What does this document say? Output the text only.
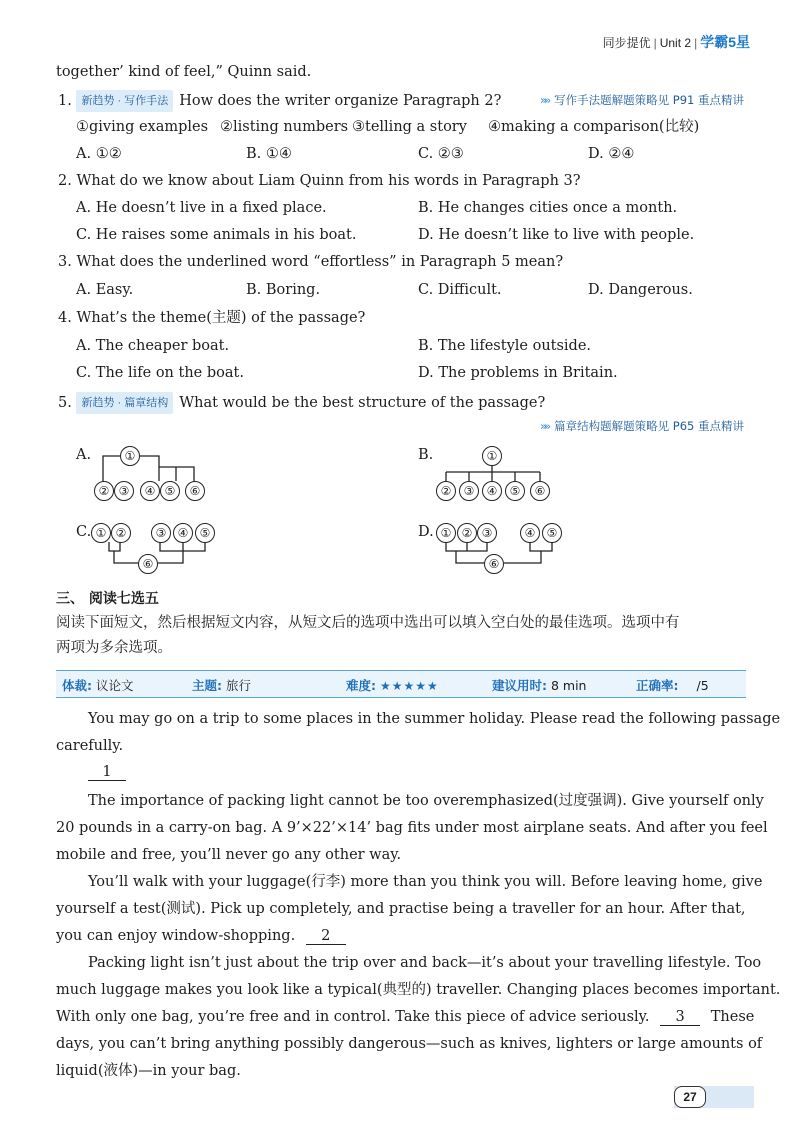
同步提优 | Unit 2 | 学霸5星
together’ kind of feel,” Quinn said.
1. 新趋势 · 写作手法 How does the writer organize Paragraph 2?	»» 写作手法题解题策略见 P91 重点精讲
①giving examples ②listing numbers ③telling a story ④making a comparison(比较)
A. ①②	B. ①④	C. ②③	D. ②④
2. What do we know about Liam Quinn from his words in Paragraph 3?
A. He doesn’t live in a fixed place.	B. He changes cities once a month.
C. He raises some animals in his boat.	D. He doesn’t like to live with people.
3. What does the underlined word “effortless” in Paragraph 5 mean?
A. Easy.	B. Boring.	C. Difficult.	D. Dangerous.
4. What’s the theme(主题) of the passage?
A. The cheaper boat.	B. The lifestyle outside.
C. The life on the boat.	D. The problems in Britain.
5. 新趋势 · 篇章结构 What would be the best structure of the passage?
»» 篇章结构题解题策略见 P65 重点精讲
A.	①
② ③	④ ⑤	⑥
B.	①
②	③	④	⑤	⑥
C. ① ②	③ ④ ⑤
⑥
D. ① ② ③	④ ⑤
⑥
三、 阅读七选五
阅读下面短文，然后根据短文内容，从短文后的选项中选出可以填入空白处的最佳选项。选项中有
两项为多余选项。
体裁: 议论文	主题: 旅行	难度: ★★★★★	建议用时: 8 min	正确率: /5
You may go on a trip to some places in the summer holiday. Please read the following passage
carefully.
1
The importance of packing light cannot be too overemphasized(过度强调). Give yourself only
20 pounds in a carry-on bag. A 9’×22’×14’ bag fits under most airplane seats. And after you feel
mobile and free, you’ll never go any other way.
You’ll walk with your luggage(行李) more than you think you will. Before leaving home, give
yourself a test(测试). Pick up completely, and practise being a traveller for an hour. After that,
you can enjoy window-shopping. 2
Packing light isn’t just about the trip over and back—it’s about your travelling lifestyle. Too
much luggage makes you look like a typical(典型的) traveller. Changing places becomes important.
With only one bag, you’re free and in control. Take this piece of advice seriously. 3 These
days, you can’t bring anything possibly dangerous—such as knives, lighters or large amounts of
liquid(液体)—in your bag.
27
